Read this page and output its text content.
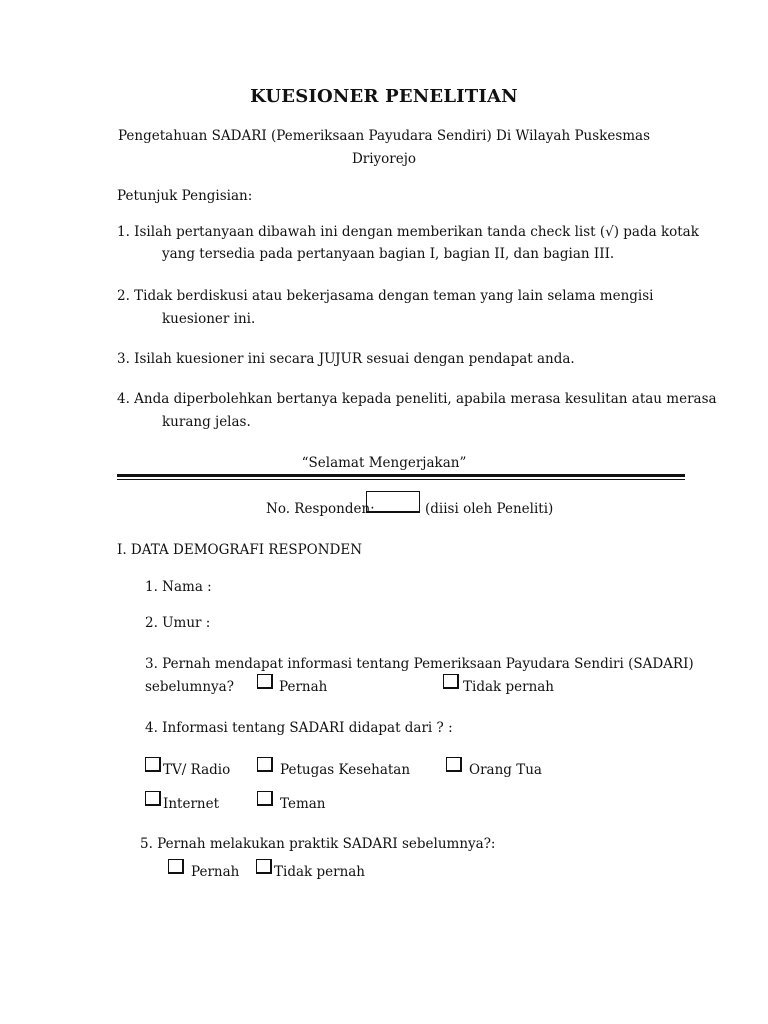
KUESIONER PENELITIAN
Pengetahuan SADARI (Pemeriksaan Payudara Sendiri) Di Wilayah Puskesmas
Driyorejo
Petunjuk Pengisian:
1. Isilah pertanyaan dibawah ini dengan memberikan tanda check list (√) pada kotak
yang tersedia pada pertanyaan bagian I, bagian II, dan bagian III.
2. Tidak berdiskusi atau bekerjasama dengan teman yang lain selama mengisi
kuesioner ini.
3. Isilah kuesioner ini secara JUJUR sesuai dengan pendapat anda.
4. Anda diperbolehkan bertanya kepada peneliti, apabila merasa kesulitan atau merasa
kurang jelas.
“Selamat Mengerjakan”
No. Responden:	(diisi oleh Peneliti)
I. DATA DEMOGRAFI RESPONDEN
1. Nama :
2. Umur :
3. Pernah mendapat informasi tentang Pemeriksaan Payudara Sendiri (SADARI)
sebelumnya?	Pernah	Tidak pernah
4. Informasi tentang SADARI didapat dari ? :
TV/ Radio	Petugas Kesehatan	Orang Tua
Internet	Teman
5. Pernah melakukan praktik SADARI sebelumnya?:
Pernah	Tidak pernah
